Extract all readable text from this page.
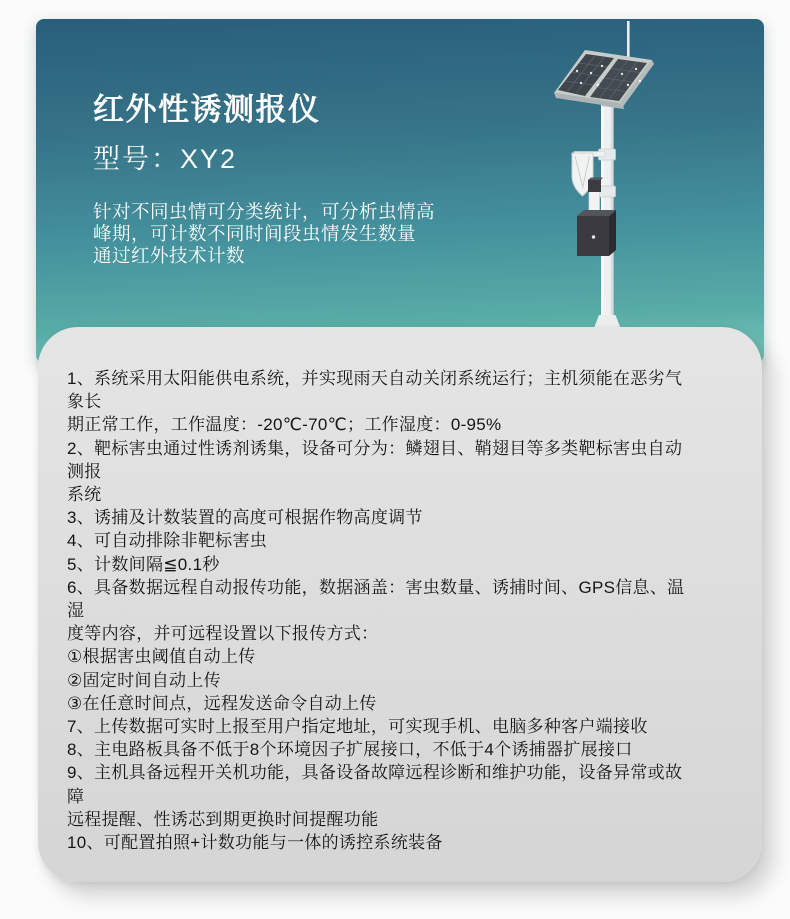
红外性诱测报仪
型号：XY2
针对不同虫情可分类统计，可分析虫情高
峰期，可计数不同时间段虫情发生数量
通过红外技术计数
1、系统采用太阳能供电系统，并实现雨天自动关闭系统运行；主机须能在恶劣气
象长
期正常工作，工作温度：-20℃-70℃；工作湿度：0-95%
2、靶标害虫通过性诱剂诱集，设备可分为：鳞翅目、鞘翅目等多类靶标害虫自动
测报
系统
3、诱捕及计数装置的高度可根据作物高度调节
4、可自动排除非靶标害虫
5、计数间隔≦0.1秒
6、具备数据远程自动报传功能，数据涵盖：害虫数量、诱捕时间、GPS信息、温
湿
度等内容，并可远程设置以下报传方式：
①根据害虫阈值自动上传
②固定时间自动上传
③在任意时间点，远程发送命令自动上传
7、上传数据可实时上报至用户指定地址，可实现手机、电脑多种客户端接收
8、主电路板具备不低于8个环境因子扩展接口，不低于4个诱捕器扩展接口
9、主机具备远程开关机功能，具备设备故障远程诊断和维护功能，设备异常或故
障
远程提醒、性诱芯到期更换时间提醒功能
10、可配置拍照+计数功能与一体的诱控系统装备
